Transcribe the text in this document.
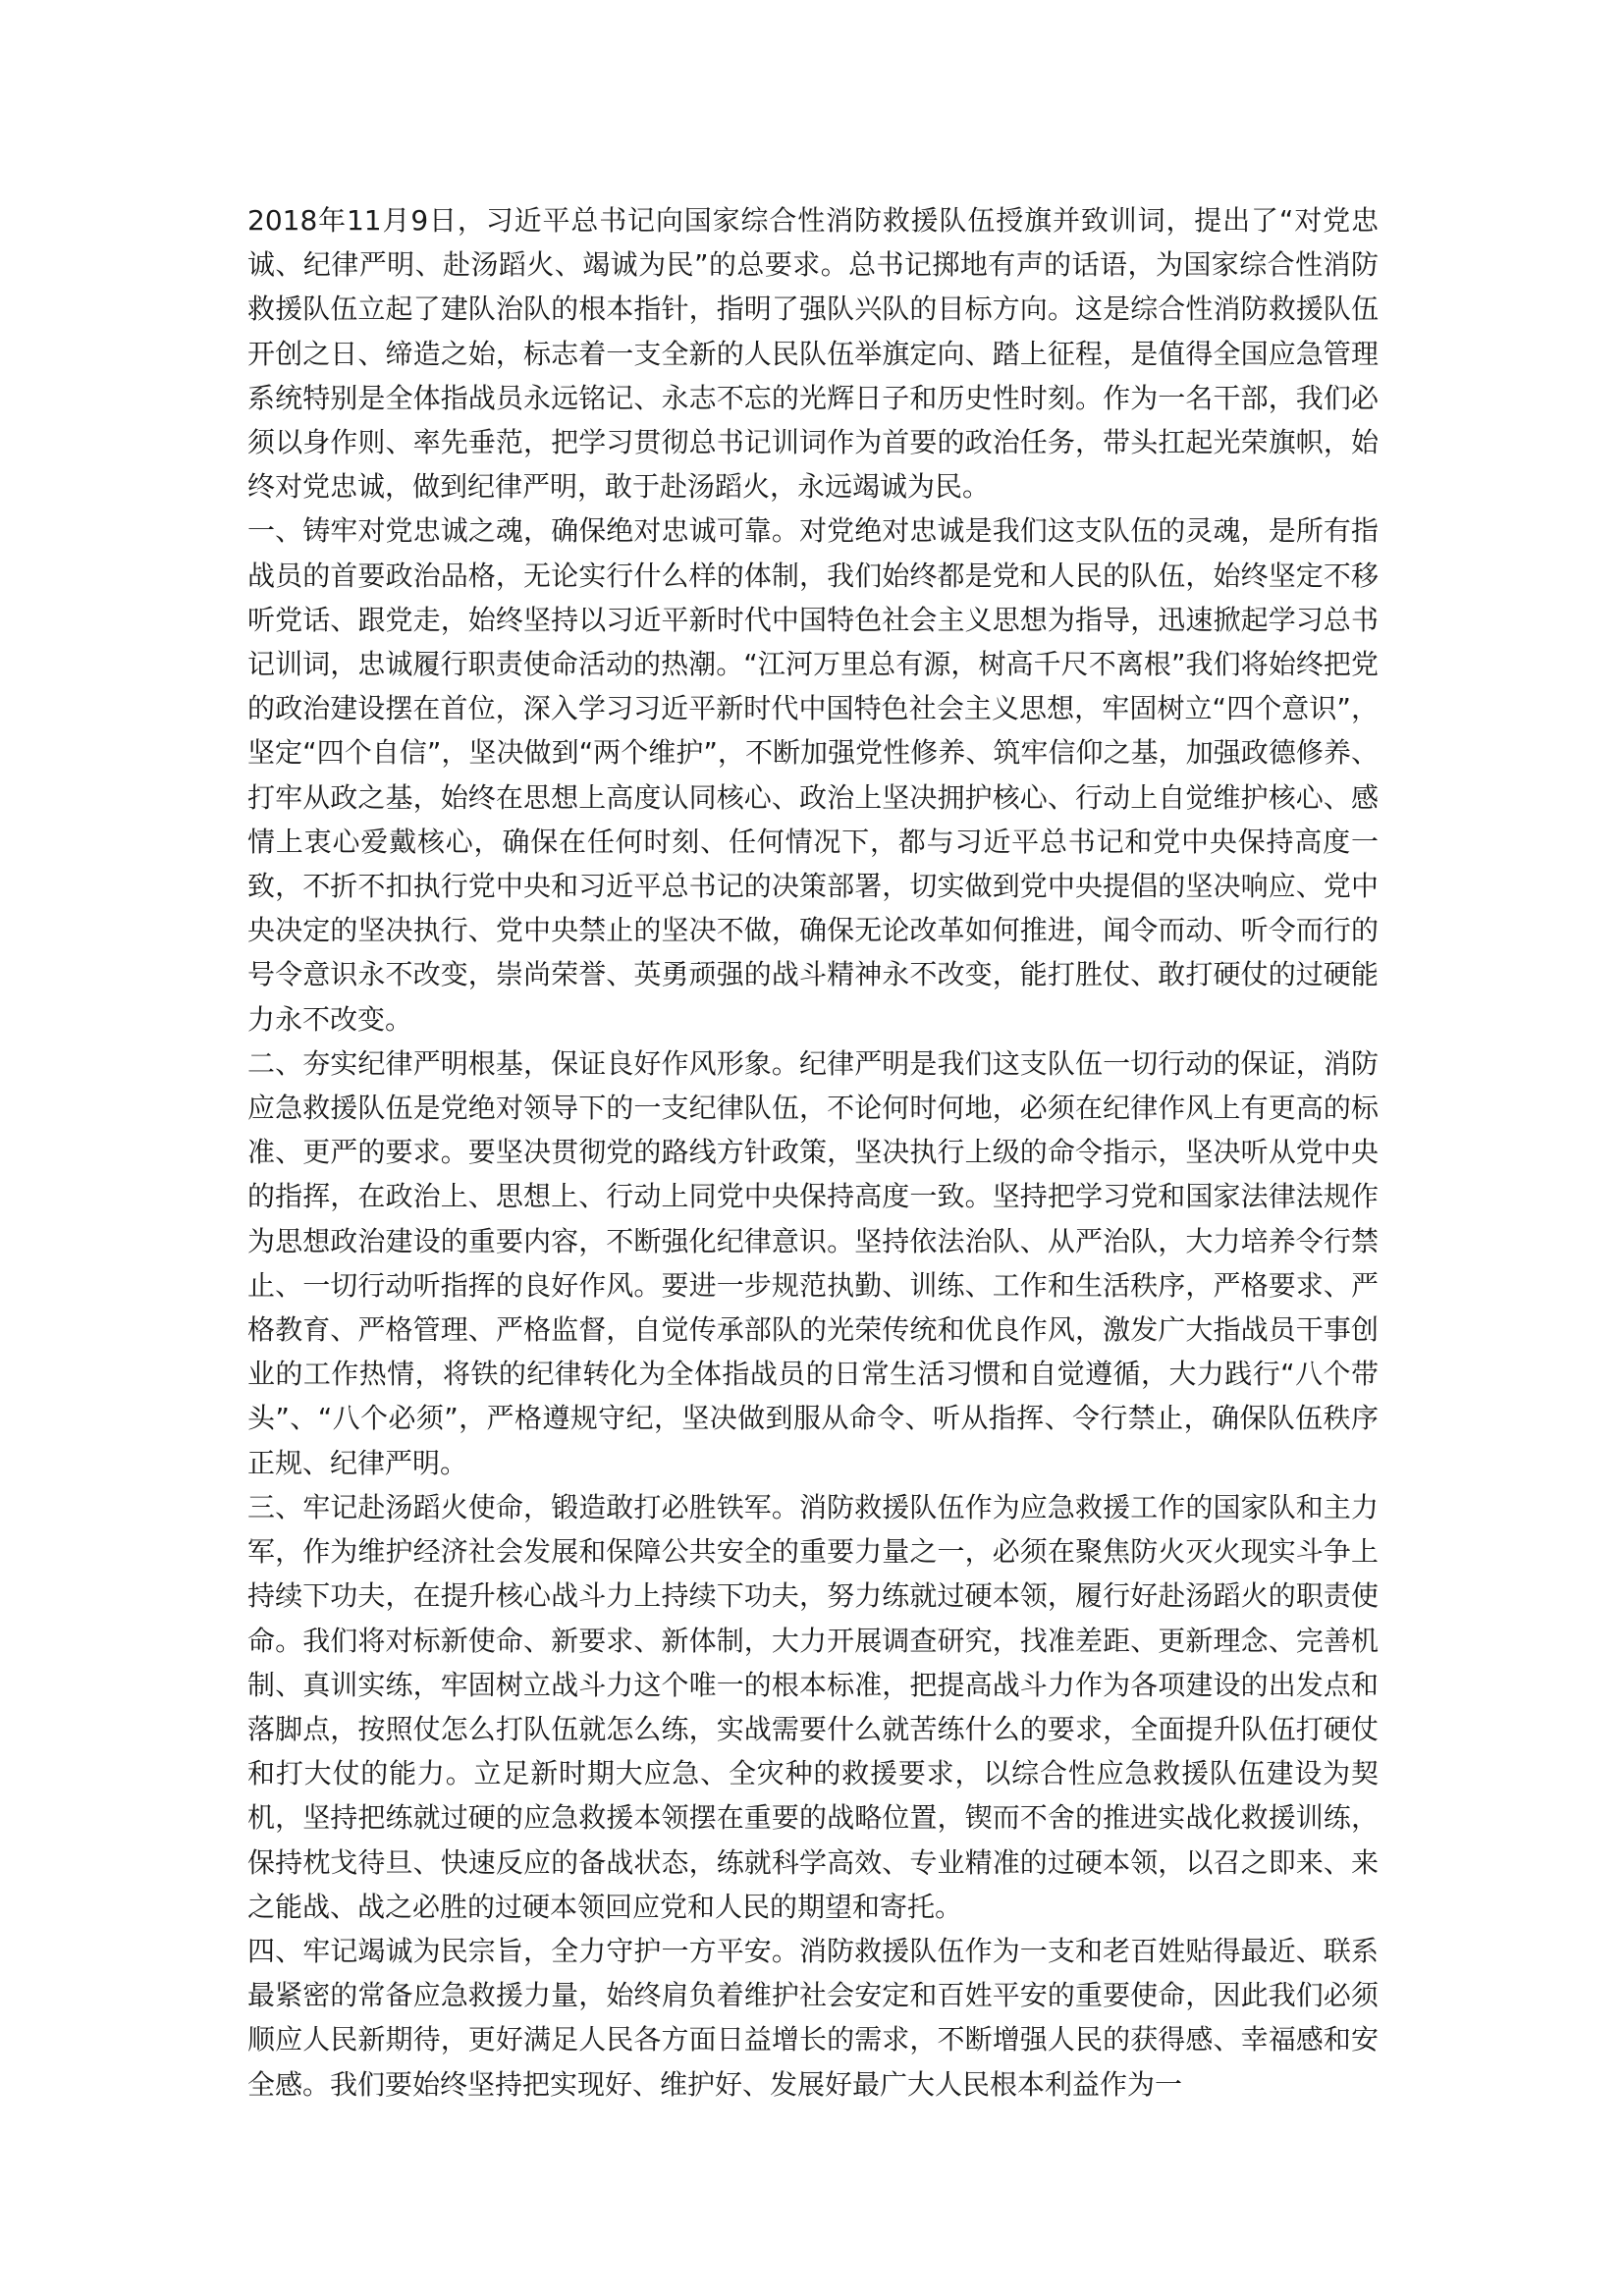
2018年11月9日，习近平总书记向国家综合性消防救援队伍授旗并致训词，提出了“对党忠诚、纪律严明、赴汤蹈火、竭诚为民”的总要求。总书记掷地有声的话语，为国家综合性消防救援队伍立起了建队治队的根本指针，指明了强队兴队的目标方向。这是综合性消防救援队伍开创之日、缔造之始，标志着一支全新的人民队伍举旗定向、踏上征程，是值得全国应急管理系统特别是全体指战员永远铭记、永志不忘的光辉日子和历史性时刻。作为一名干部，我们必须以身作则、率先垂范，把学习贯彻总书记训词作为首要的政治任务，带头扛起光荣旗帜，始终对党忠诚，做到纪律严明，敢于赴汤蹈火，永远竭诚为民。

一、铸牢对党忠诚之魂，确保绝对忠诚可靠。对党绝对忠诚是我们这支队伍的灵魂，是所有指战员的首要政治品格，无论实行什么样的体制，我们始终都是党和人民的队伍，始终坚定不移听党话、跟党走，始终坚持以习近平新时代中国特色社会主义思想为指导，迅速掀起学习总书记训词，忠诚履行职责使命活动的热潮。“江河万里总有源，树高千尺不离根”我们将始终把党的政治建设摆在首位，深入学习习近平新时代中国特色社会主义思想，牢固树立“四个意识”，坚定“四个自信”，坚决做到“两个维护”，不断加强党性修养、筑牢信仰之基，加强政德修养、打牢从政之基，始终在思想上高度认同核心、政治上坚决拥护核心、行动上自觉维护核心、感情上衷心爱戴核心，确保在任何时刻、任何情况下，都与习近平总书记和党中央保持高度一致，不折不扣执行党中央和习近平总书记的决策部署，切实做到党中央提倡的坚决响应、党中央决定的坚决执行、党中央禁止的坚决不做，确保无论改革如何推进，闻令而动、听令而行的号令意识永不改变，崇尚荣誉、英勇顽强的战斗精神永不改变，能打胜仗、敢打硬仗的过硬能力永不改变。

二、夯实纪律严明根基，保证良好作风形象。纪律严明是我们这支队伍一切行动的保证，消防应急救援队伍是党绝对领导下的一支纪律队伍，不论何时何地，必须在纪律作风上有更高的标准、更严的要求。要坚决贯彻党的路线方针政策，坚决执行上级的命令指示，坚决听从党中央的指挥，在政治上、思想上、行动上同党中央保持高度一致。坚持把学习党和国家法律法规作为思想政治建设的重要内容，不断强化纪律意识。坚持依法治队、从严治队，大力培养令行禁止、一切行动听指挥的良好作风。要进一步规范执勤、训练、工作和生活秩序，严格要求、严格教育、严格管理、严格监督，自觉传承部队的光荣传统和优良作风，激发广大指战员干事创业的工作热情，将铁的纪律转化为全体指战员的日常生活习惯和自觉遵循，大力践行“八个带头”、“八个必须”，严格遵规守纪，坚决做到服从命令、听从指挥、令行禁止，确保队伍秩序正规、纪律严明。

三、牢记赴汤蹈火使命，锻造敢打必胜铁军。消防救援队伍作为应急救援工作的国家队和主力军，作为维护经济社会发展和保障公共安全的重要力量之一，必须在聚焦防火灭火现实斗争上持续下功夫，在提升核心战斗力上持续下功夫，努力练就过硬本领，履行好赴汤蹈火的职责使命。我们将对标新使命、新要求、新体制，大力开展调查研究，找准差距、更新理念、完善机制、真训实练，牢固树立战斗力这个唯一的根本标准，把提高战斗力作为各项建设的出发点和落脚点，按照仗怎么打队伍就怎么练，实战需要什么就苦练什么的要求，全面提升队伍打硬仗和打大仗的能力。立足新时期大应急、全灾种的救援要求，以综合性应急救援队伍建设为契机，坚持把练就过硬的应急救援本领摆在重要的战略位置，锲而不舍的推进实战化救援训练，保持枕戈待旦、快速反应的备战状态，练就科学高效、专业精准的过硬本领，以召之即来、来之能战、战之必胜的过硬本领回应党和人民的期望和寄托。

四、牢记竭诚为民宗旨，全力守护一方平安。消防救援队伍作为一支和老百姓贴得最近、联系最紧密的常备应急救援力量，始终肩负着维护社会安定和百姓平安的重要使命，因此我们必须顺应人民新期待，更好满足人民各方面日益增长的需求，不断增强人民的获得感、幸福感和安全感。我们要始终坚持把实现好、维护好、发展好最广大人民根本利益作为一
